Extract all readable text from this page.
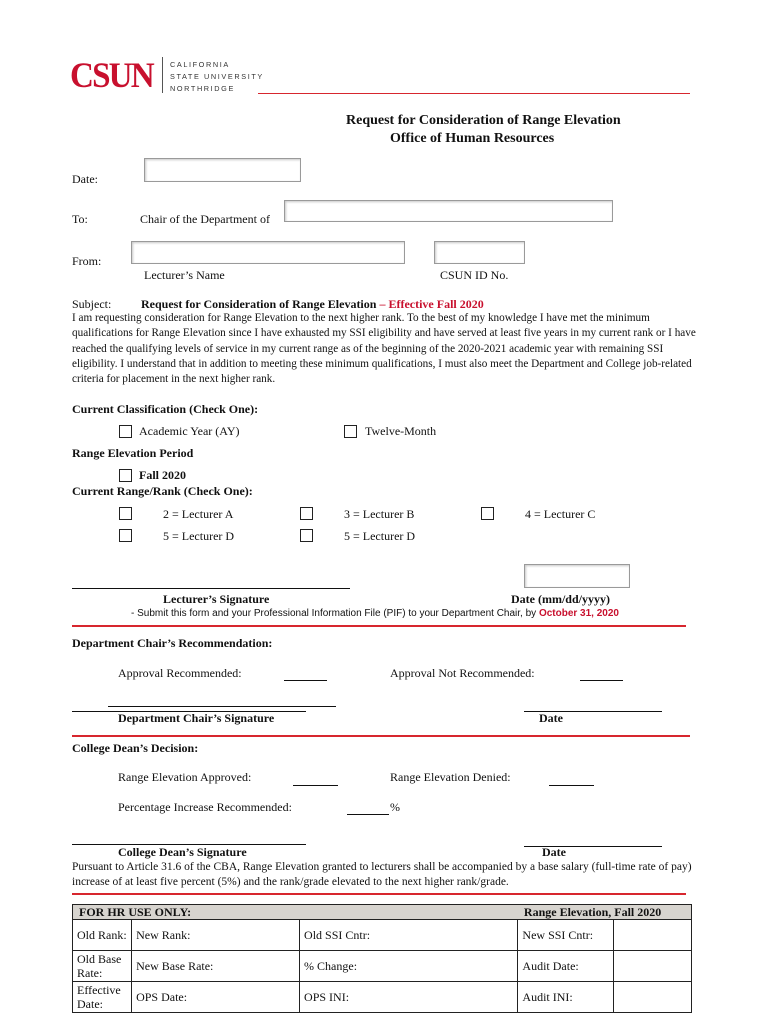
CSUN CALIFORNIA
STATE UNIVERSITY
NORTHRIDGE
Request for Consideration of Range Elevation
Office of Human Resources
Date:
To:	Chair of the Department of
From:
Lecturer’s Name	CSUN ID No.
Subject: Request for Consideration of Range Elevation – Effective Fall 2020
I am requesting consideration for Range Elevation to the next higher rank. To the best of my knowledge I have met the minimum qualifications for Range Elevation since I have exhausted my SSI eligibility and have served at least five years in my current rank or I have reached the qualifying levels of service in my current range as of the beginning of the 2020-2021 academic year with remaining SSI eligibility. I understand that in addition to meeting these minimum qualifications, I must also meet the Department and College job-related criteria for placement in the next higher rank.
Current Classification (Check One):
Academic Year (AY)	Twelve-Month
Range Elevation Period
Fall 2020
Current Range/Rank (Check One):
2 = Lecturer A	3 = Lecturer B	4 = Lecturer C
5 = Lecturer D	5 = Lecturer D
Lecturer’s Signature	Date (mm/dd/yyyy)
- Submit this form and your Professional Information File (PIF) to your Department Chair, by October 31, 2020
Department Chair’s Recommendation:
Approval Recommended:	Approval Not Recommended:
Department Chair’s Signature	Date
College Dean’s Decision:
Range Elevation Approved:	Range Elevation Denied:
Percentage Increase Recommended:	%
College Dean’s Signature	Date
Pursuant to Article 31.6 of the CBA, Range Elevation granted to lecturers shall be accompanied by a base salary (full-time rate of pay) increase of at least five percent (5%) and the rank/grade elevated to the next higher rank/grade.
FOR HR USE ONLY:			Range Elevation, Fall 2020	
Old Rank:	New Rank:	Old SSI Cntr:	New SSI Cntr:	
Old Base Rate:	New Base Rate:	% Change:	Audit Date:	
Effective Date:	OPS Date:	OPS INI:	Audit INI:	
